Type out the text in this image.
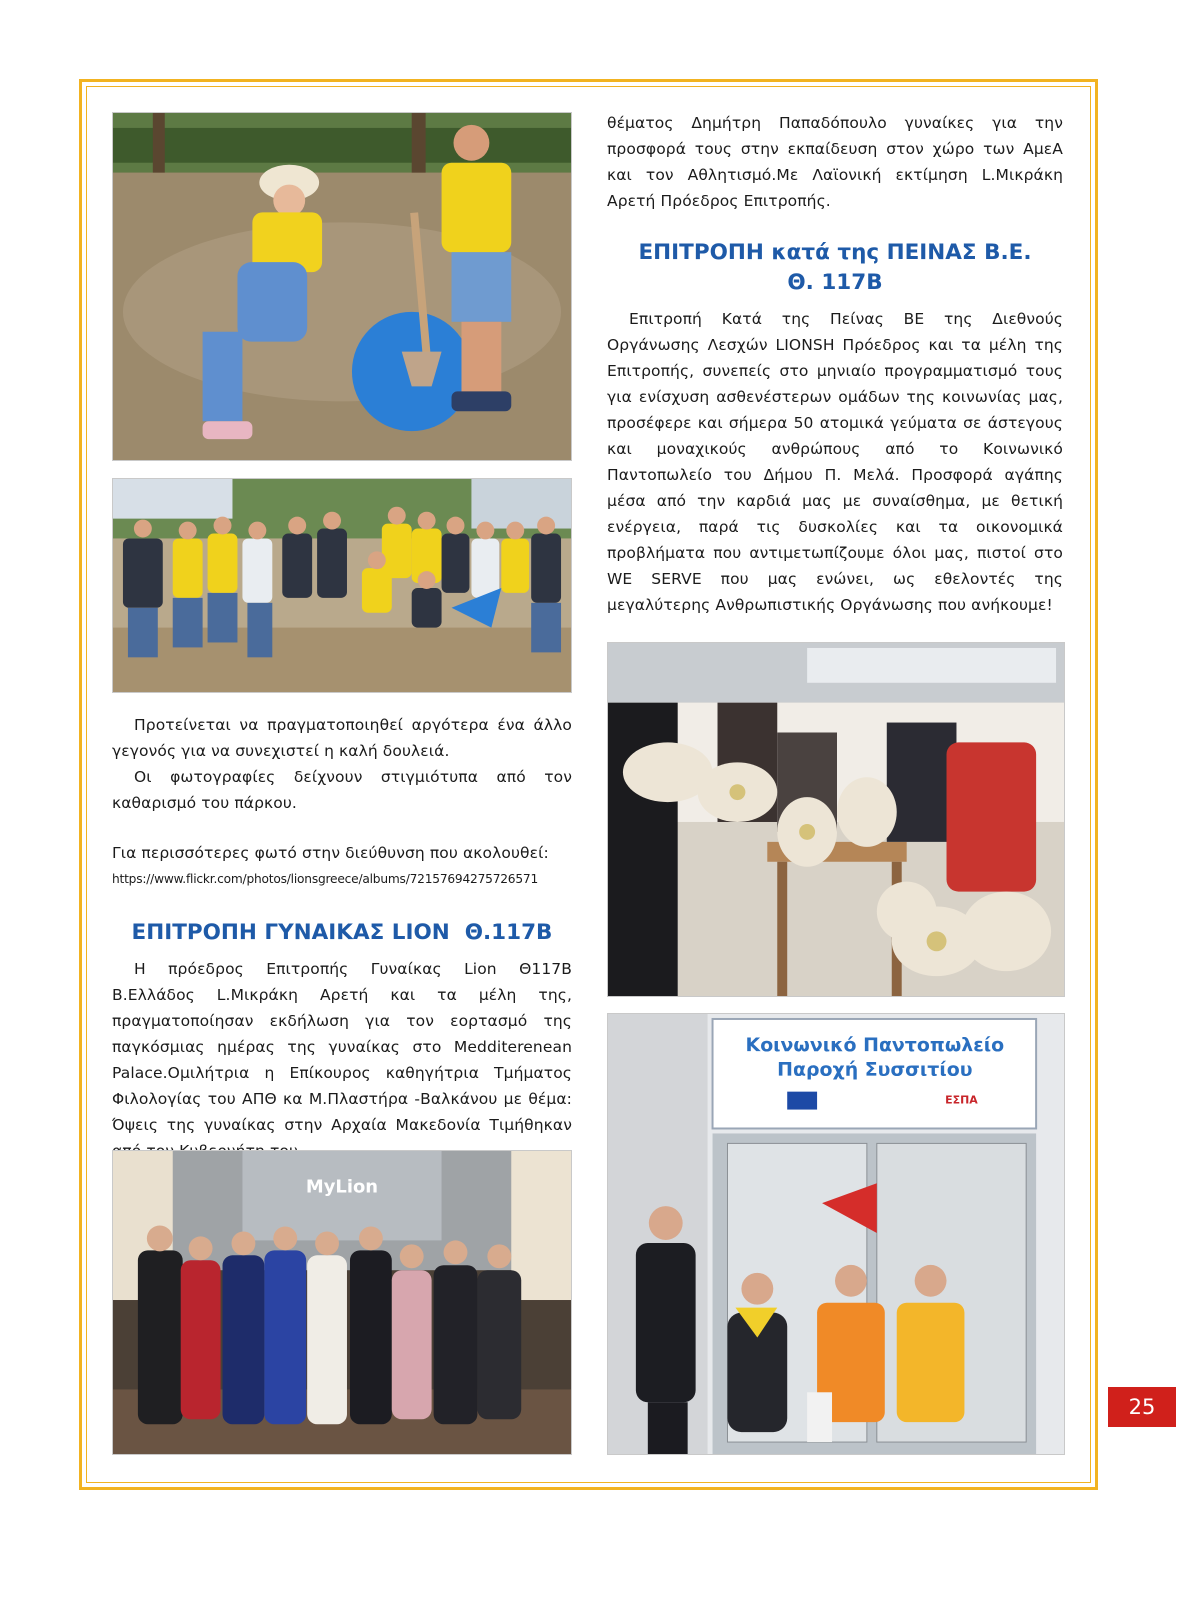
θέματος Δημήτρη Παπαδόπουλο γυναίκες για την προσφορά τους στην εκπαίδευση στον χώρο των ΑμεΑ και τον Αθλητισμό.Με Λαϊονική εκτίμηση L.Μικράκη Αρετή Πρόεδρος Επιτροπής.

ΕΠΙΤΡΟΠΗ κατά της ΠΕΙΝΑΣ Β.Ε.
Θ. 117Β

Επιτροπή Κατά της Πείνας ΒΕ της Διεθνούς Οργάνωσης Λεσχών LIONSH Πρόεδρος και τα μέλη της Επιτροπής, συνεπείς στο μηνιαίο προγραμματισμό τους για ενίσχυση ασθενέστερων ομάδων της κοινωνίας μας, προσέφερε και σήμερα 50 ατομικά γεύματα σε άστεγους και μοναχικούς ανθρώπους από το Κοινωνικό Παντοπωλείο του Δήμου Π. Μελά. Προσφορά αγάπης μέσα από την καρδιά μας με συναίσθημα, με θετική ενέργεια, παρά τις δυσκολίες και τα οικονομικά προβλήματα που αντιμετωπίζουμε όλοι μας, πιστοί στο WE SERVE που μας ενώνει, ως εθελοντές της μεγαλύτερης Ανθρωπιστικής Οργάνωσης που ανήκουμε!

Προτείνεται να πραγματοποιηθεί αργότερα ένα άλλο γεγονός για να συνεχιστεί η καλή δουλειά.

Οι φωτογραφίες δείχνουν στιγμιότυπα από τον καθαρισμό του πάρκου.

Για περισσότερες φωτό στην διεύθυνση που ακολουθεί:

https://www.flickr.com/photos/lionsgreece/albums/72157694275726571
ΕΠΙΤΡΟΠΗ ΓΥΝΑΙΚΑΣ LION  Θ.117Β

Η πρόεδρος Επιτροπής Γυναίκας Lion Θ117Β Β.Ελλάδος L.Μικράκη Αρετή και τα μέλη της, πραγματοποίησαν εκδήλωση για τον εορτασμό της παγκόσμιας ημέρας της γυναίκας στο Medditerenean Palace.Ομιλήτρια η Επίκουρος καθηγήτρια Τμήματος Φιλολογίας του ΑΠΘ κα Μ.Πλαστήρα -Βαλκάνου με θέμα: Όψεις της γυναίκας στην Αρχαία Μακεδονία Τιμήθηκαν

MyLion
Κοινωνικό Παντοπωλείο
Παροχή Συσσιτίου
ΕΣΠΑ
25
